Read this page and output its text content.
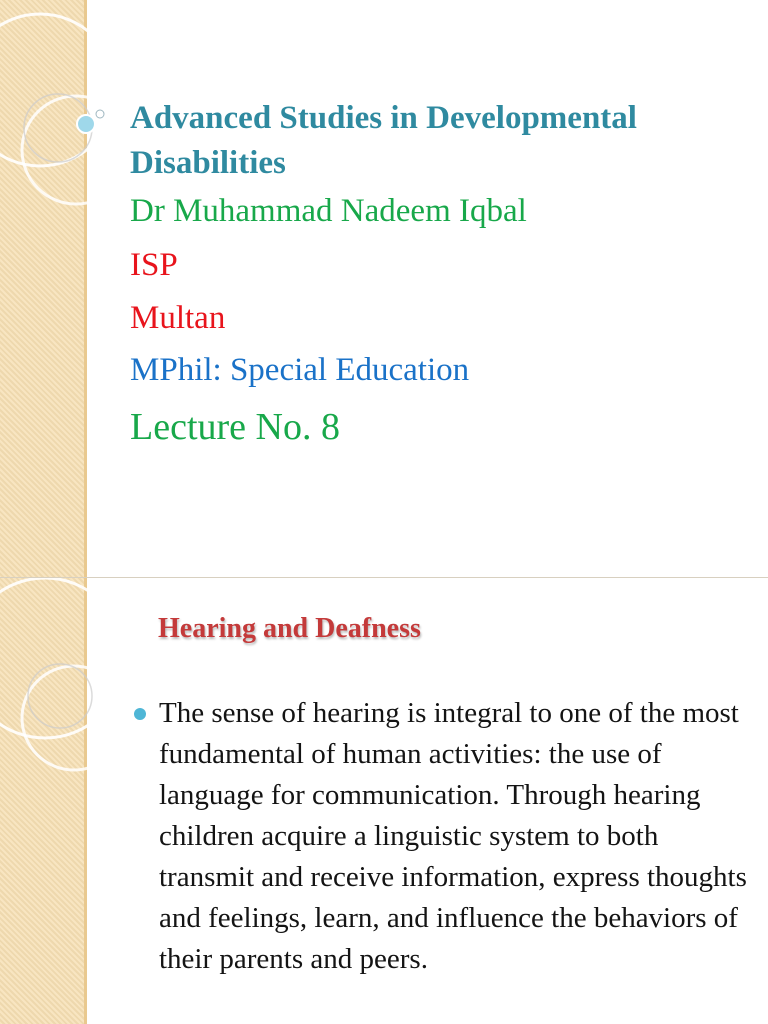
Advanced Studies in Developmental Disabilities
Dr Muhammad Nadeem Iqbal
ISP
Multan
MPhil: Special Education
Lecture No. 8
Hearing and Deafness
The sense of hearing is integral to one of the most fundamental of human activities: the use of language for communication. Through hearing children acquire a linguistic system to both transmit and receive information, express thoughts and feelings, learn, and influence the behaviors of their parents and peers.
